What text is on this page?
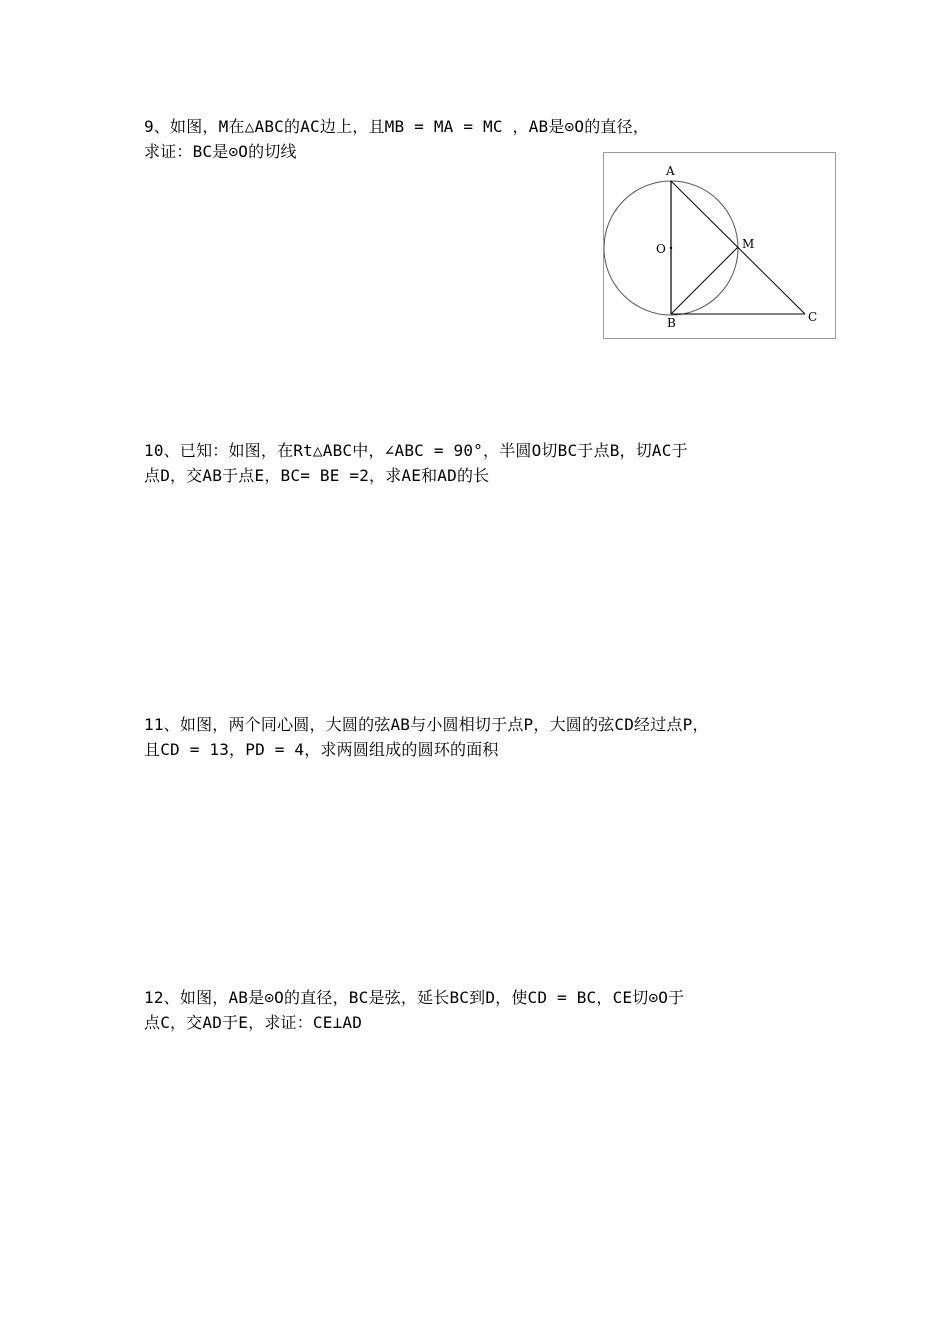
9、如图，M在△ABC的AC边上，且MB = MA = MC ，AB是⊙O的直径，
求证：BC是⊙O的切线
A
O	M
B	C
10、已知：如图，在Rt△ABC中，∠ABC = 90°，半圆O切BC于点B，切AC于
点D，交AB于点E，BC= BE =2，求AE和AD的长
11、如图，两个同心圆，大圆的弦AB与小圆相切于点P，大圆的弦CD经过点P，
且CD = 13，PD = 4，求两圆组成的圆环的面积
12、如图，AB是⊙O的直径，BC是弦，延长BC到D，使CD = BC，CE切⊙O于
点C，交AD于E，求证：CE⊥AD
